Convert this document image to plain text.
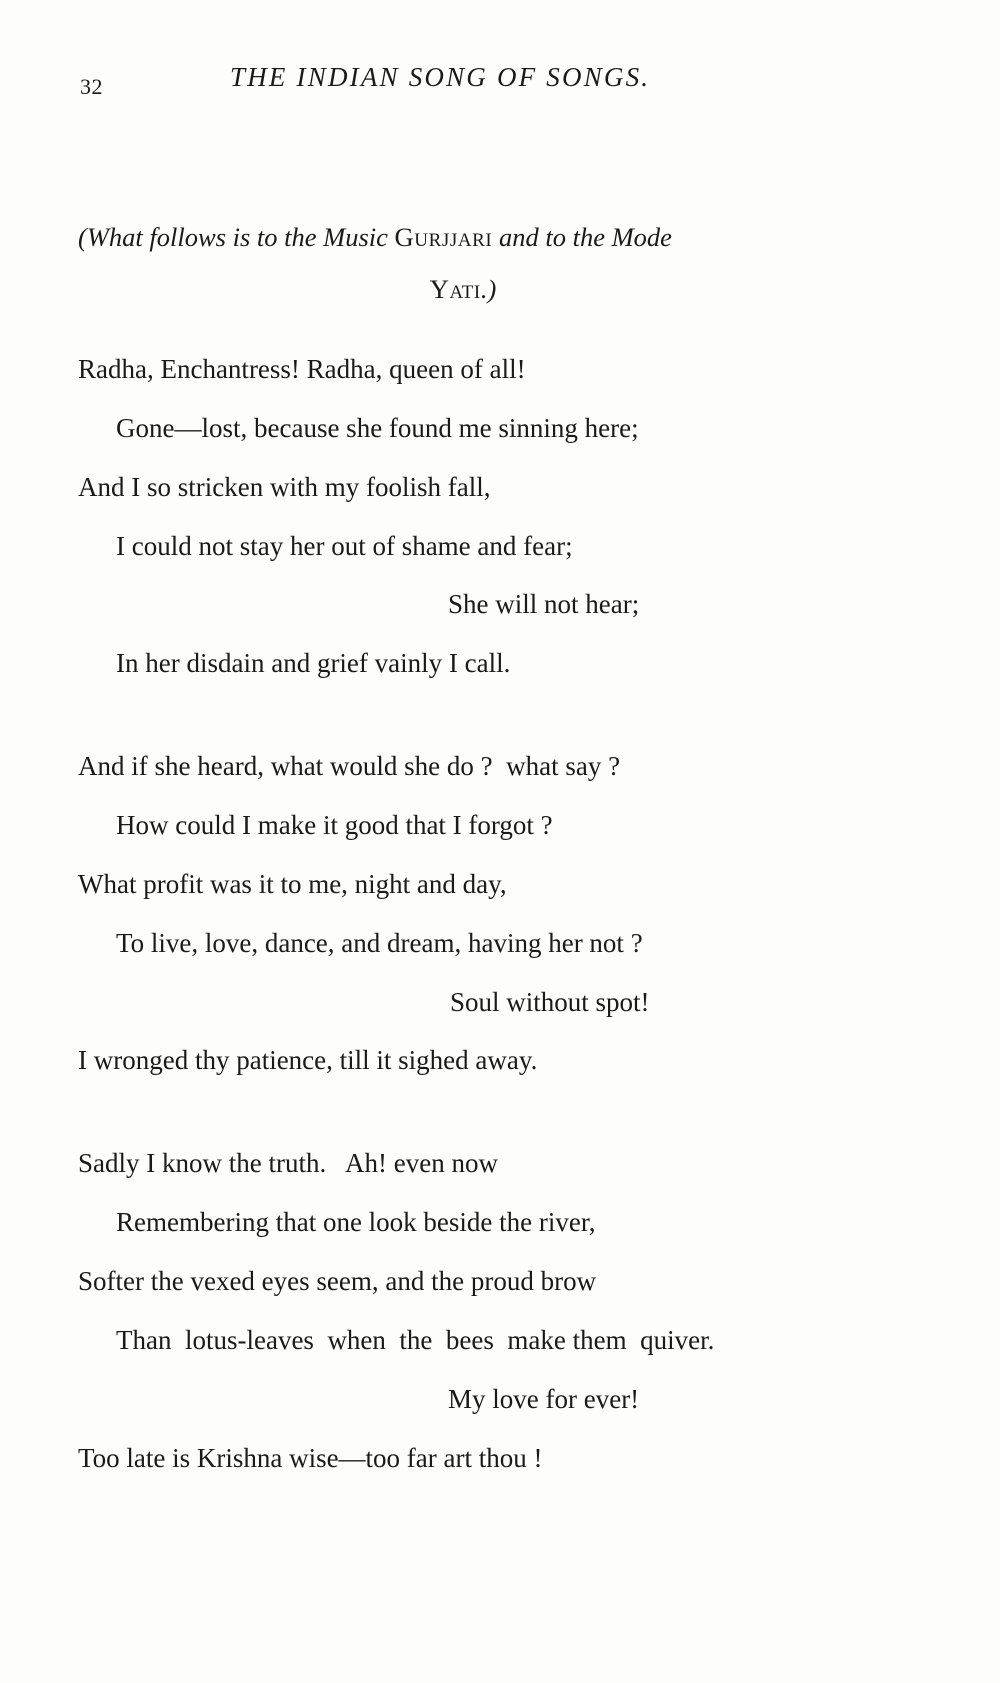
32	THE INDIAN SONG OF SONGS.
(What follows is to the Music Gurjjari and to the Mode
Yati.)
Radha, Enchantress! Radha, queen of all!
Gone—lost, because she found me sinning here;
And I so stricken with my foolish fall,
I could not stay her out of shame and fear;
She will not hear;
In her disdain and grief vainly I call.
And if she heard, what would she do ?  what say ?
How could I make it good that I forgot ?
What profit was it to me, night and day,
To live, love, dance, and dream, having her not ?
Soul without spot!
I wronged thy patience, till it sighed away.
Sadly I know the truth.   Ah! even now
Remembering that one look beside the river,
Softer the vexed eyes seem, and the proud brow
Than  lotus-leaves  when  the  bees  make them  quiver.
My love for ever!
Too late is Krishna wise—too far art thou !
